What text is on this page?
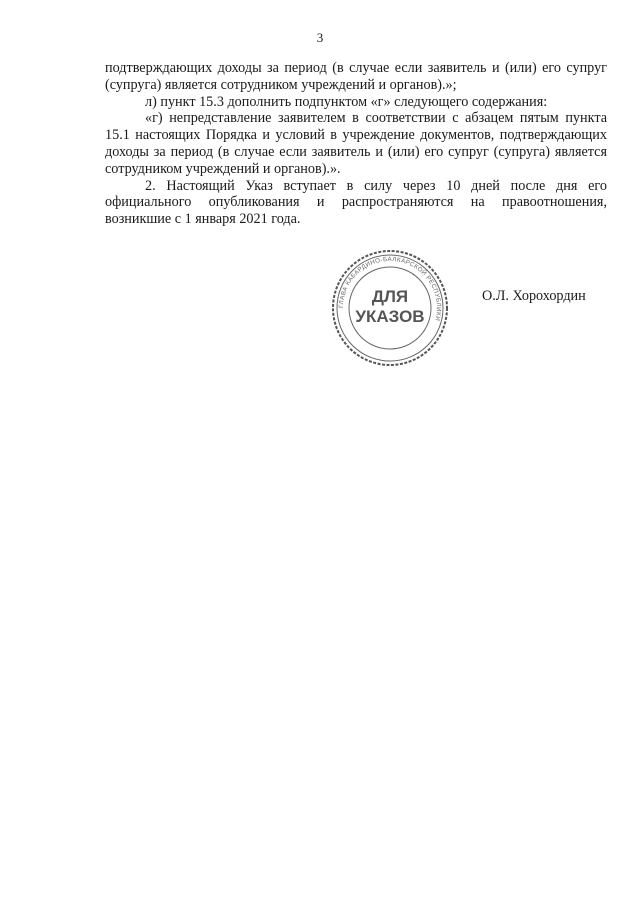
3

подтверждающих доходы за период (в случае если заявитель и (или) его супруг (супруга) является сотрудником учреждений и органов).»;

л) пункт 15.3 дополнить подпунктом «г» следующего содержания:

«г) непредставление заявителем в соответствии с абзацем пятым пункта 15.1 настоящих Порядка и условий в учреждение документов, подтверждающих доходы за период (в случае если заявитель и (или) его супруг (супруга) является сотрудником учреждений и органов).».

2. Настоящий Указ вступает в силу через 10 дней после дня его официального опубликования и распространяются на правоотношения, возникшие с 1 января 2021 года.

ГЛАВА КАБАРДИНО-БАЛКАРСКОЙ РЕСПУБЛИКИ
ДЛЯ
УКАЗОВ
О.Л. Хорохордин
